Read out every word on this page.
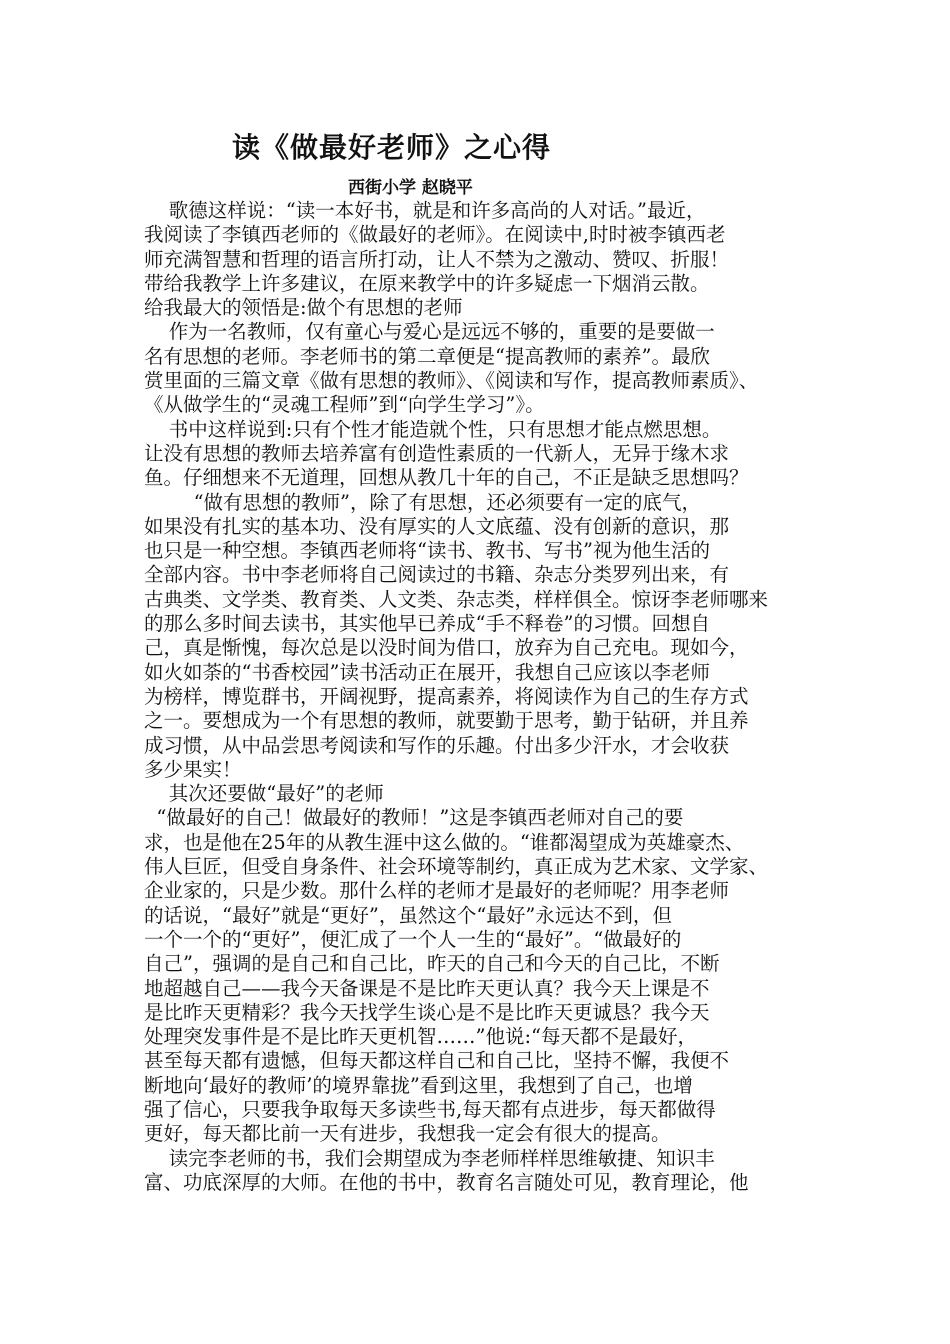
读《做最好老师》之心得
西街小学 赵晓平
歌德这样说：“读一本好书，就是和许多高尚的人对话。”最近，
我阅读了李镇西老师的《做最好的老师》。在阅读中,时时被李镇西老
师充满智慧和哲理的语言所打动，让人不禁为之激动、赞叹、折服！
带给我教学上许多建议，在原来教学中的许多疑虑一下烟消云散。
给我最大的领悟是:做个有思想的老师
作为一名教师，仅有童心与爱心是远远不够的，重要的是要做一
名有思想的老师。李老师书的第二章便是“提高教师的素养”。最欣
赏里面的三篇文章《做有思想的教师》、《阅读和写作，提高教师素质》、
《从做学生的“灵魂工程师”到“向学生学习”》。
书中这样说到:只有个性才能造就个性，只有思想才能点燃思想。
让没有思想的教师去培养富有创造性素质的一代新人，无异于缘木求
鱼。仔细想来不无道理，回想从教几十年的自己，不正是缺乏思想吗？
“做有思想的教师”，除了有思想，还必须要有一定的底气，
如果没有扎实的基本功、没有厚实的人文底蕴、没有创新的意识，那
也只是一种空想。李镇西老师将“读书、教书、写书”视为他生活的
全部内容。书中李老师将自己阅读过的书籍、杂志分类罗列出来，有
古典类、文学类、教育类、人文类、杂志类，样样俱全。惊讶李老师哪来
的那么多时间去读书，其实他早已养成“手不释卷”的习惯。回想自
己，真是惭愧，每次总是以没时间为借口，放弃为自己充电。现如今，
如火如荼的“书香校园”读书活动正在展开，我想自己应该以李老师
为榜样，博览群书，开阔视野，提高素养，将阅读作为自己的生存方式
之一。要想成为一个有思想的教师，就要勤于思考，勤于钻研，并且养
成习惯，从中品尝思考阅读和写作的乐趣。付出多少汗水，才会收获
多少果实！
其次还要做“最好”的老师
“做最好的自己！做最好的教师！”这是李镇西老师对自己的要
求，也是他在25年的从教生涯中这么做的。“谁都渴望成为英雄豪杰、
伟人巨匠，但受自身条件、社会环境等制约，真正成为艺术家、文学家、
企业家的，只是少数。那什么样的老师才是最好的老师呢？用李老师
的话说，“最好”就是“更好”，虽然这个“最好”永远达不到，但
一个一个的“更好”，便汇成了一个人一生的“最好”。“做最好的
自己”，强调的是自己和自己比，昨天的自己和今天的自己比，不断
地超越自己——我今天备课是不是比昨天更认真？我今天上课是不
是比昨天更精彩？我今天找学生谈心是不是比昨天更诚恳？我今天
处理突发事件是不是比昨天更机智……”他说:“每天都不是最好，
甚至每天都有遗憾，但每天都这样自己和自己比，坚持不懈，我便不
断地向‘最好的教师’的境界靠拢”看到这里，我想到了自己，也增
强了信心，只要我争取每天多读些书,每天都有点进步，每天都做得
更好，每天都比前一天有进步，我想我一定会有很大的提高。
读完李老师的书，我们会期望成为李老师样样思维敏捷、知识丰
富、功底深厚的大师。在他的书中，教育名言随处可见，教育理论，他
